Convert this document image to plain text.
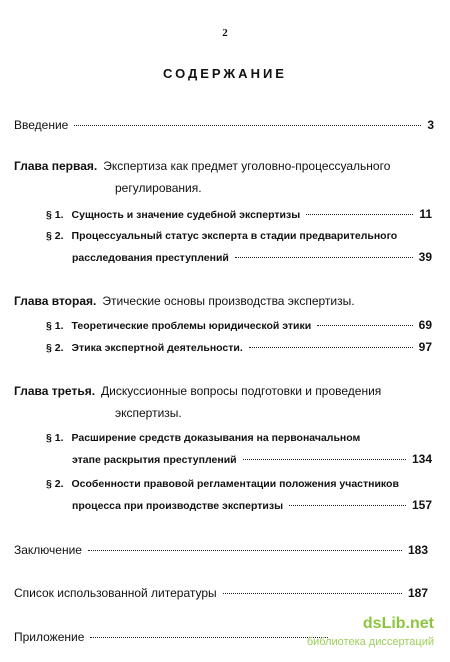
2
СОДЕРЖАНИЕ
Введение	3
Глава первая. Экспертиза как предмет уголовно-процессуального
регулирования.
§ 1. Сущность и значение судебной экспертизы	11
§ 2. Процессуальный статус эксперта в стадии предварительного
расследования преступлений	39
Глава вторая. Этические основы производства экспертизы.
§ 1. Теоретические проблемы юридической этики	69
§ 2. Этика экспертной деятельности.	97
Глава третья. Дискуссионные вопросы подготовки и проведения
экспертизы.
§ 1. Расширение средств доказывания на первоначальном
этапе раскрытия преступлений	134
§ 2. Особенности правовой регламентации положения участников
процесса при производстве экспертизы	157
Заключение	183
Список использованной литературы	187
Приложение
dsLib.net
библиотека диссертаций
